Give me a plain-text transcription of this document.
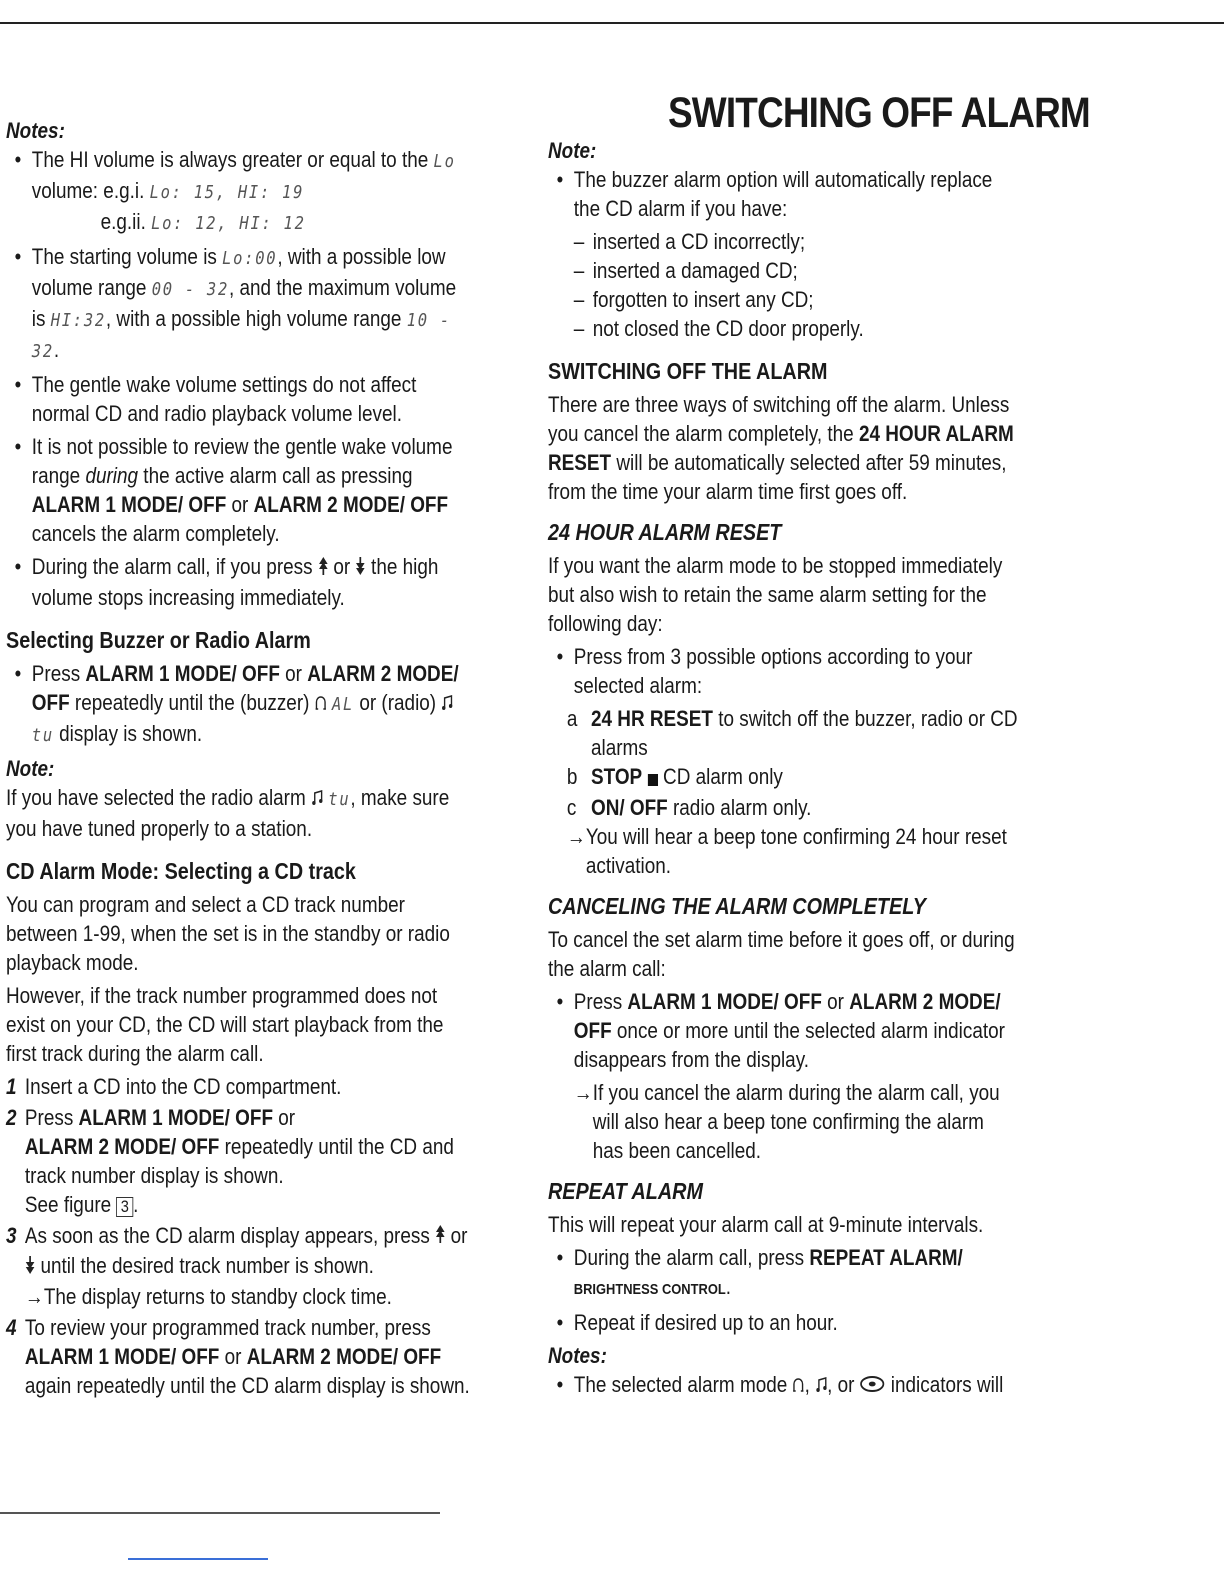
SWITCHING OFF ALARM

Notes:

• The HI volume is always greater or equal to the Lo volume: e.g.i. Lo: 15, HI: 19
e.g.ii. Lo: 12, HI: 12
• The starting volume is Lo:00, with a possible low volume range 00 - 32, and the maximum volume is HI:32, with a possible high volume range 10 - 32.
• The gentle wake volume settings do not affect normal CD and radio playback volume level.
• It is not possible to review the gentle wake volume range during the active alarm call as pressing ALARM 1 MODE/ OFF or ALARM 2 MODE/ OFF cancels the alarm completely.
• During the alarm call, if you press  or  the high volume stops increasing immediately.

Selecting Buzzer or Radio Alarm

• Press ALARM 1 MODE/ OFF or ALARM 2 MODE/ OFF repeatedly until the (buzzer)  AL or (radio)  tu display is shown.

Note:

If you have selected the radio alarm  tu, make sure you have tuned properly to a station.

CD Alarm Mode: Selecting a CD track

You can program and select a CD track number between 1-99, when the set is in the standby or radio playback mode.

However, if the track number programmed does not exist on your CD, the CD will start playback from the first track during the alarm call.

1 Insert a CD into the CD compartment.
2 Press ALARM 1 MODE/ OFF or
ALARM 2 MODE/ OFF repeatedly until the CD and track number display is shown.
See figure 3 .
3 As soon as the CD alarm display appears, press  or  until the desired track number is shown.
→ The display returns to standby clock time.
4 To review your programmed track number, press
ALARM 1 MODE/ OFF or ALARM 2 MODE/ OFF again repeatedly until the CD alarm display is shown.

Note:

• The buzzer alarm option will automatically replace the CD alarm if you have:
– inserted a CD incorrectly;
– inserted a damaged CD;
– forgotten to insert any CD;
– not closed the CD door properly.

SWITCHING OFF THE ALARM

There are three ways of switching off the alarm. Unless you cancel the alarm completely, the 24 HOUR ALARM RESET will be automatically selected after 59 minutes, from the time your alarm time first goes off.

24 HOUR ALARM RESET

If you want the alarm mode to be stopped immediately but also wish to retain the same alarm setting for the following day:

• Press from 3 possible options according to your selected alarm:
a 24 HR RESET to switch off the buzzer, radio or CD alarms
b STOP  CD alarm only
c ON/ OFF radio alarm only.
→ You will hear a beep tone confirming 24 hour reset activation.

CANCELING THE ALARM COMPLETELY

To cancel the set alarm time before it goes off, or during the alarm call:

• Press ALARM 1 MODE/ OFF or ALARM 2 MODE/ OFF once or more until the selected alarm indicator disappears from the display.
→ If you cancel the alarm during the alarm call, you will also hear a beep tone confirming the alarm has been cancelled.

REPEAT ALARM

This will repeat your alarm call at 9-minute intervals.

• During the alarm call, press REPEAT ALARM/ BRIGHTNESS CONTROL.
• Repeat if desired up to an hour.

Notes:

• The selected alarm mode , , or  indicators will
